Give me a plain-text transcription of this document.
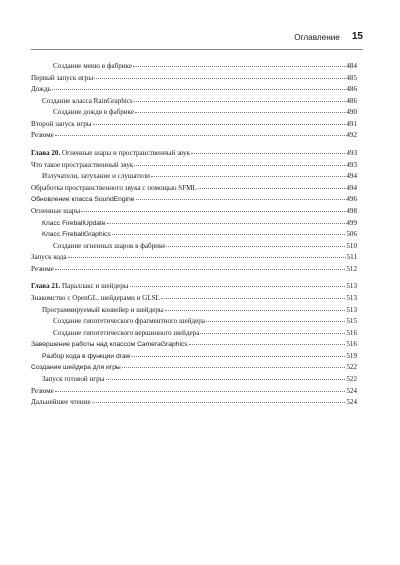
Оглавление 15
Создание меню в фабрике	484
Первый запуск игры	485
Дождь	486
Создание класса RainGraphics	486
Создание дождя в фабрике	490
Второй запуск игры	491
Резюме	492
Глава 20. Огненные шары и пространственный звук	493
Что такое пространственный звук	493
Излучатели, затухание и слушатели	494
Обработка пространственного звука с помощью SFML	494
Обновление класса SoundEngine	496
Огненные шары	498
Класс FireballUpdate	499
Класс FireballGraphics	506
Создание огненных шаров в фабрике	510
Запуск кода	511
Резюме	512
Глава 21. Параллакс и шейдеры	513
Знакомство с OpenGL, шейдерами и GLSL	513
Программируемый конвейер и шейдеры	513
Создание гипотетического фрагментного шейдера	515
Создание гипотетического вершинного шейдера	516
Завершение работы над классом CameraGraphics	516
Разбор кода в функции draw	519
Создание шейдера для игры	522
Запуск готовой игры	522
Резюме	524
Дальнейшее чтение	524
